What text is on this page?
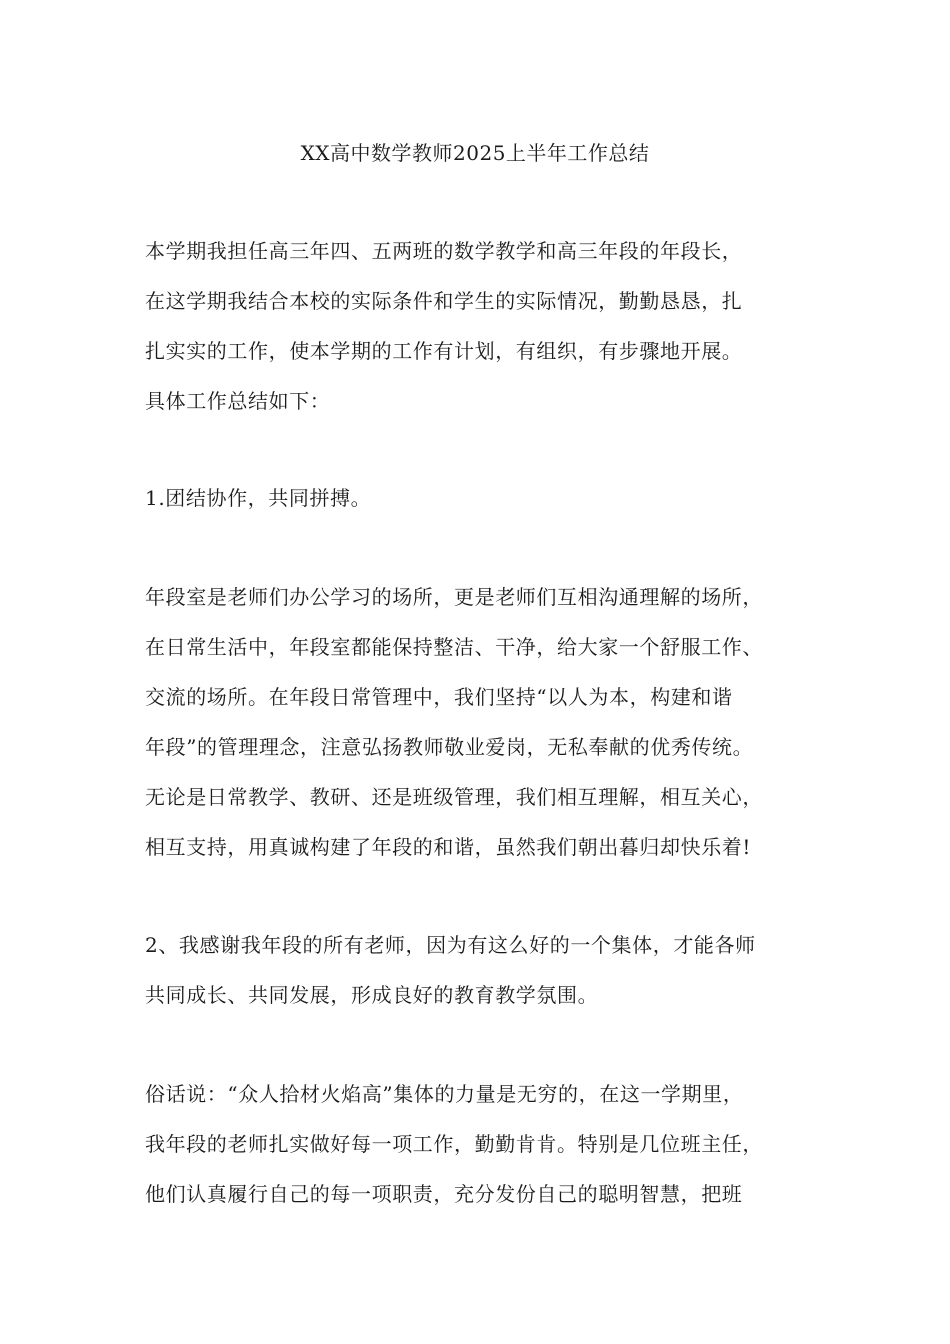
XX高中数学教师2025上半年工作总结
本学期我担任高三年四、五两班的数学教学和高三年段的年段长，
在这学期我结合本校的实际条件和学生的实际情况，勤勤恳恳，扎
扎实实的工作，使本学期的工作有计划，有组织，有步骤地开展。
具体工作总结如下：
1.团结协作，共同拼搏。
年段室是老师们办公学习的场所，更是老师们互相沟通理解的场所，
在日常生活中，年段室都能保持整洁、干净，给大家一个舒服工作、
交流的场所。在年段日常管理中，我们坚持“以人为本，构建和谐
年段”的管理理念，注意弘扬教师敬业爱岗，无私奉献的优秀传统。
无论是日常教学、教研、还是班级管理，我们相互理解，相互关心，
相互支持，用真诚构建了年段的和谐，虽然我们朝出暮归却快乐着!
2、我感谢我年段的所有老师，因为有这么好的一个集体，才能各师
共同成长、共同发展，形成良好的教育教学氛围。
俗话说：“众人拾材火焰高”集体的力量是无穷的，在这一学期里，
我年段的老师扎实做好每一项工作，勤勤肯肯。特别是几位班主任，
他们认真履行自己的每一项职责，充分发份自己的聪明智慧，把班
